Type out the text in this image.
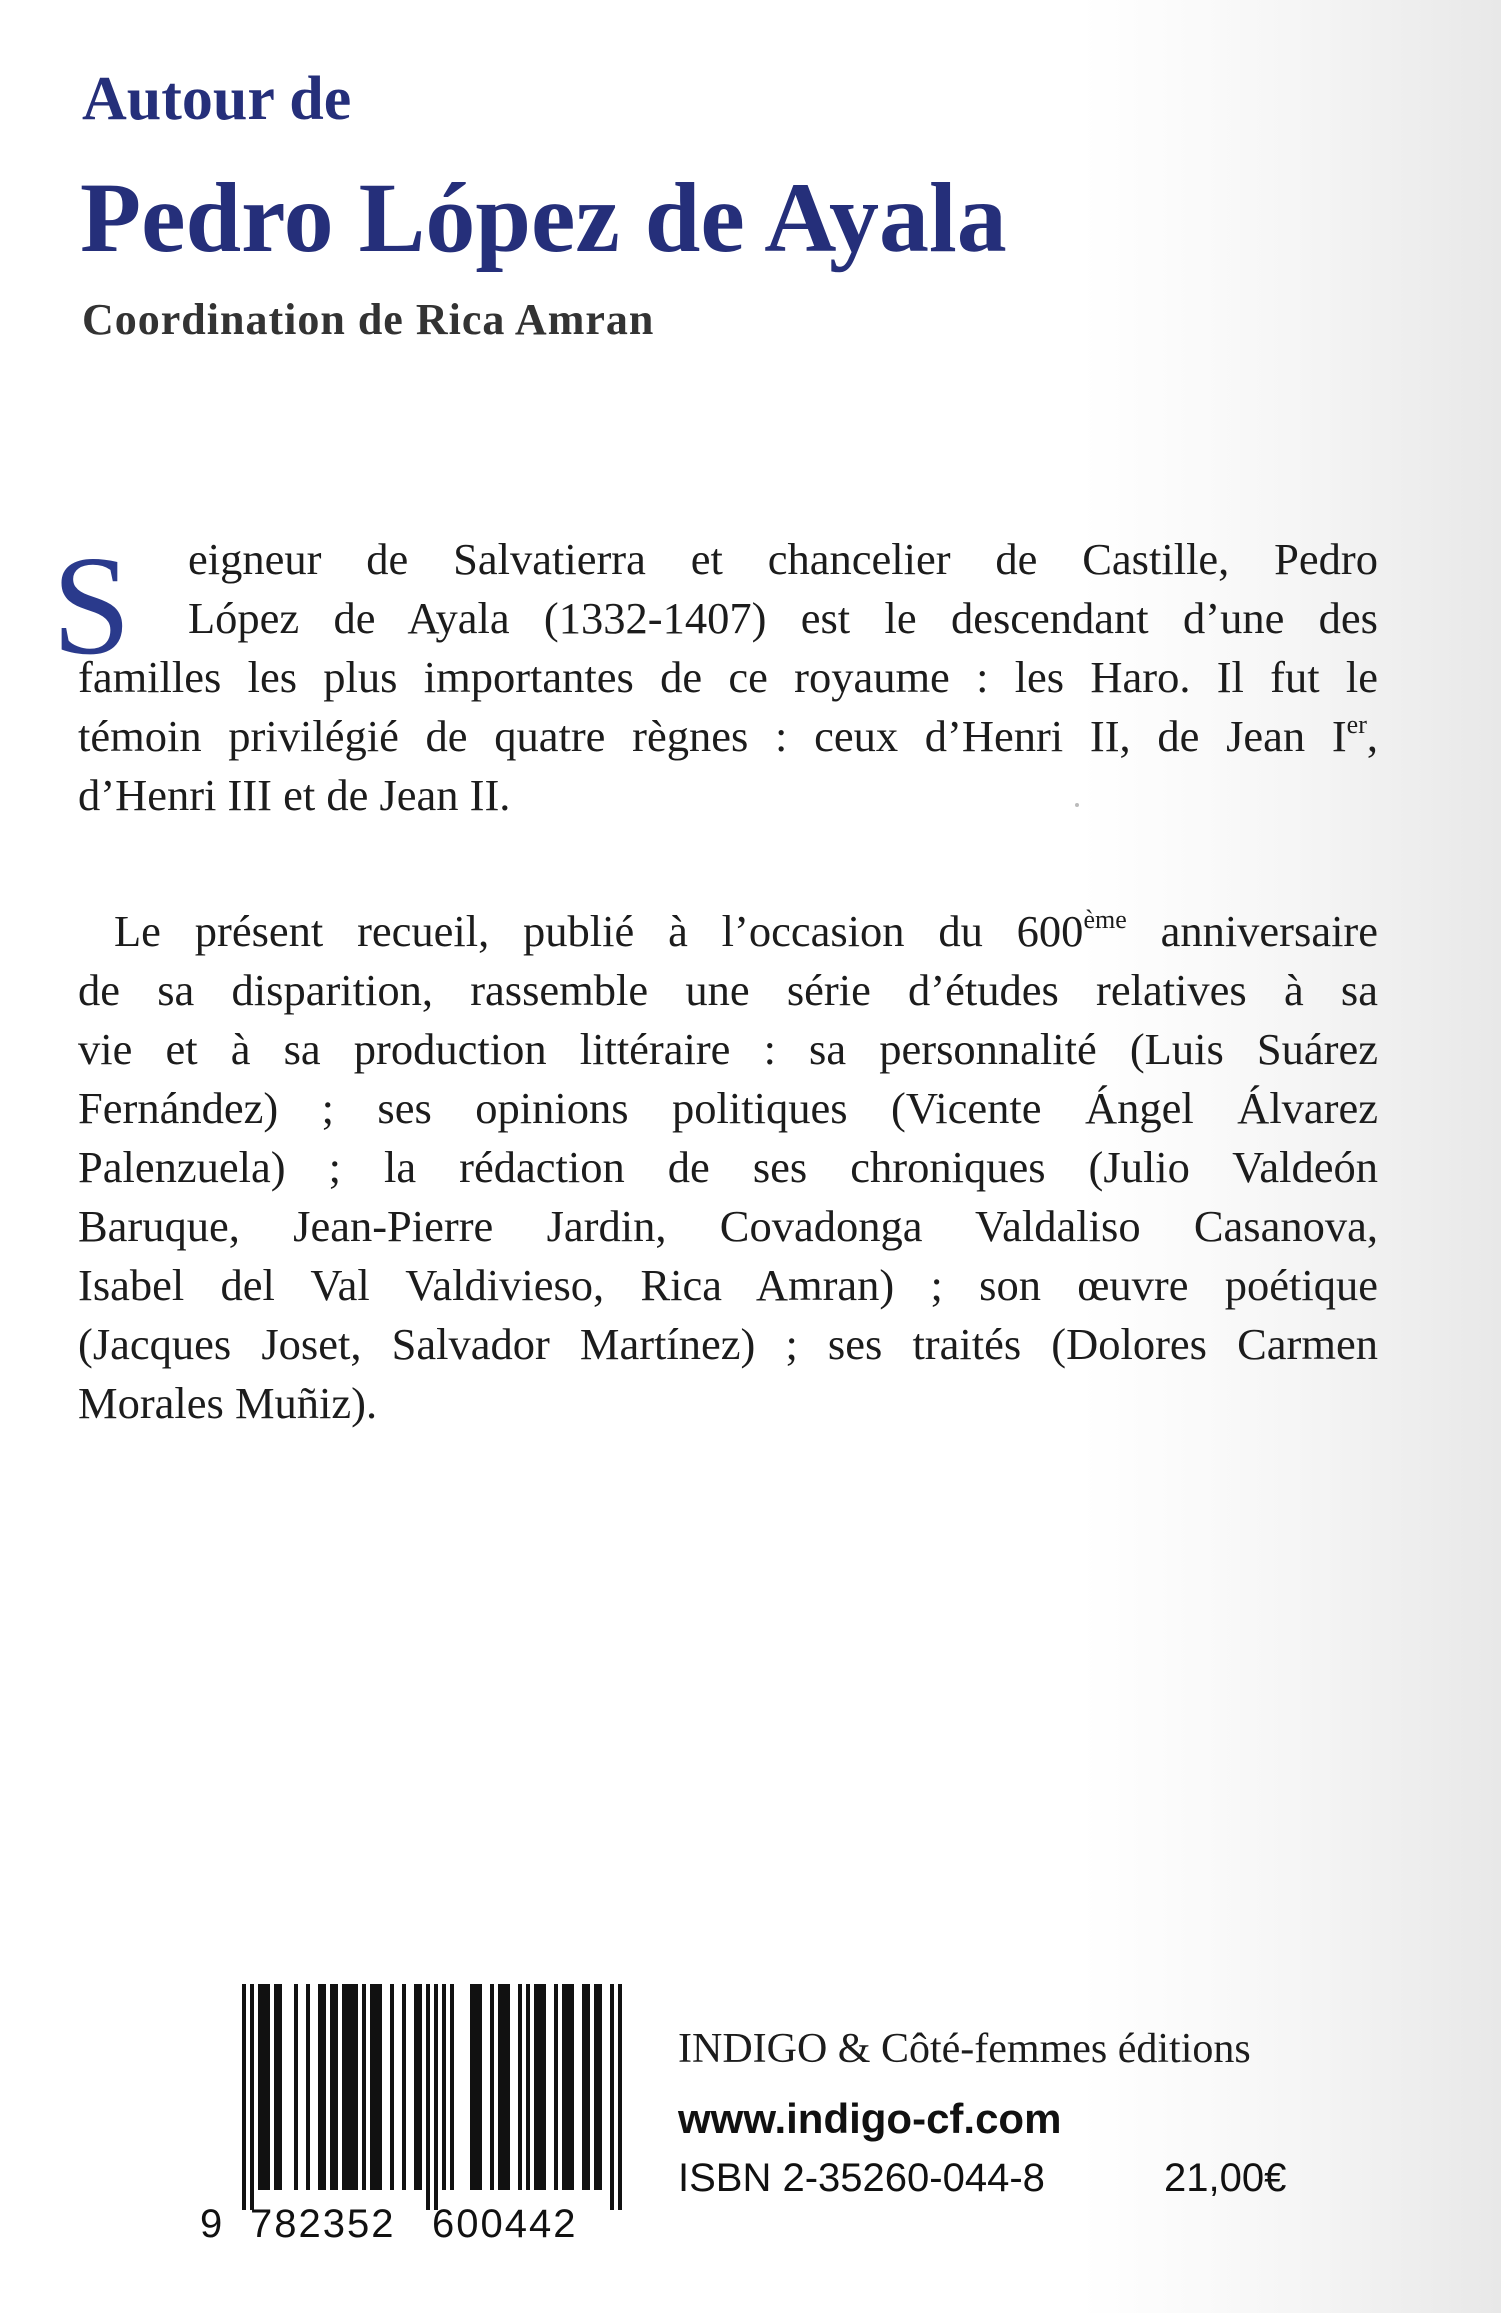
Autour de
Pedro López de Ayala
Coordination de Rica Amran
S	eigneur de Salvatierra et chancelier de Castille, Pedro
López de Ayala (1332-1407) est le descendant d’une des
familles les plus importantes de ce royaume : les Haro. Il fut le
témoin privilégié de quatre règnes : ceux d’Henri II, de Jean Ier,
d’Henri III et de Jean II.
Le présent recueil, publié à l’occasion du 600ème anniversaire
de sa disparition, rassemble une série d’études relatives à sa
vie et à sa production littéraire : sa personnalité (Luis Suárez
Fernández) ; ses opinions politiques (Vicente Ángel Álvarez
Palenzuela) ; la rédaction de ses chroniques (Julio Valdeón
Baruque, Jean-Pierre Jardin, Covadonga Valdaliso Casanova,
Isabel del Val Valdivieso, Rica Amran) ; son œuvre poétique
(Jacques Joset, Salvador Martínez) ; ses traités (Dolores Carmen
Morales Muñiz).
9 782352 600442
INDIGO & Côté-femmes éditions
www.indigo-cf.com
ISBN 2-35260-044-8	21,00€
